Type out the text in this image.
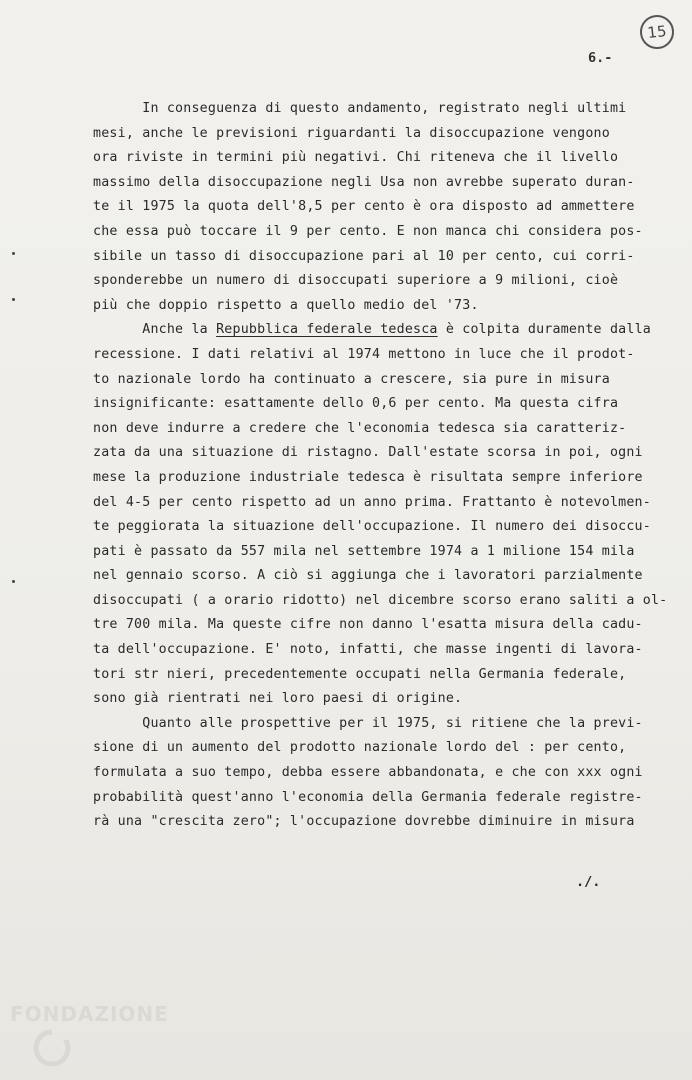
15
6.-
In conseguenza di questo andamento, registrato negli ultimi
mesi, anche le previsioni riguardanti la disoccupazione vengono
ora riviste in termini più negativi. Chi riteneva che il livello
massimo della disoccupazione negli Usa non avrebbe superato duran-
te il 1975 la quota dell'8,5 per cento è ora disposto ad ammettere
che essa può toccare il 9 per cento. E non manca chi considera pos-
sibile un tasso di disoccupazione pari al 10 per cento, cui corri-
sponderebbe un numero di disoccupati superiore a 9 milioni, cioè
più che doppio rispetto a quello medio del '73.
Anche la Repubblica federale tedesca è colpita duramente dalla
recessione. I dati relativi al 1974 mettono in luce che il prodot-
to nazionale lordo ha continuato a crescere, sia pure in misura
insignificante: esattamente dello 0,6 per cento. Ma questa cifra
non deve indurre a credere che l'economia tedesca sia caratteriz-
zata da una situazione di ristagno. Dall'estate scorsa in poi, ogni
mese la produzione industriale tedesca è risultata sempre inferiore
del 4-5 per cento rispetto ad un anno prima. Frattanto è notevolmen-
te peggiorata la situazione dell'occupazione. Il numero dei disoccu-
pati è passato da 557 mila nel settembre 1974 a 1 milione 154 mila
nel gennaio scorso. A ciò si aggiunga che i lavoratori parzialmente
disoccupati ( a orario ridotto) nel dicembre scorso erano saliti a ol-
tre 700 mila. Ma queste cifre non danno l'esatta misura della cadu-
ta dell'occupazione. E' noto, infatti, che masse ingenti di lavora-
tori str nieri, precedentemente occupati nella Germania federale,
sono già rientrati nei loro paesi di origine.
Quanto alle prospettive per il 1975, si ritiene che la previ-
sione di un aumento del prodotto nazionale lordo del : per cento,
formulata a suo tempo, debba essere abbandonata, e che con xxx ogni
probabilità quest'anno l'economia della Germania federale registre-
rà una "crescita zero"; l'occupazione dovrebbe diminuire in misura
./.
FONDAZIONE
